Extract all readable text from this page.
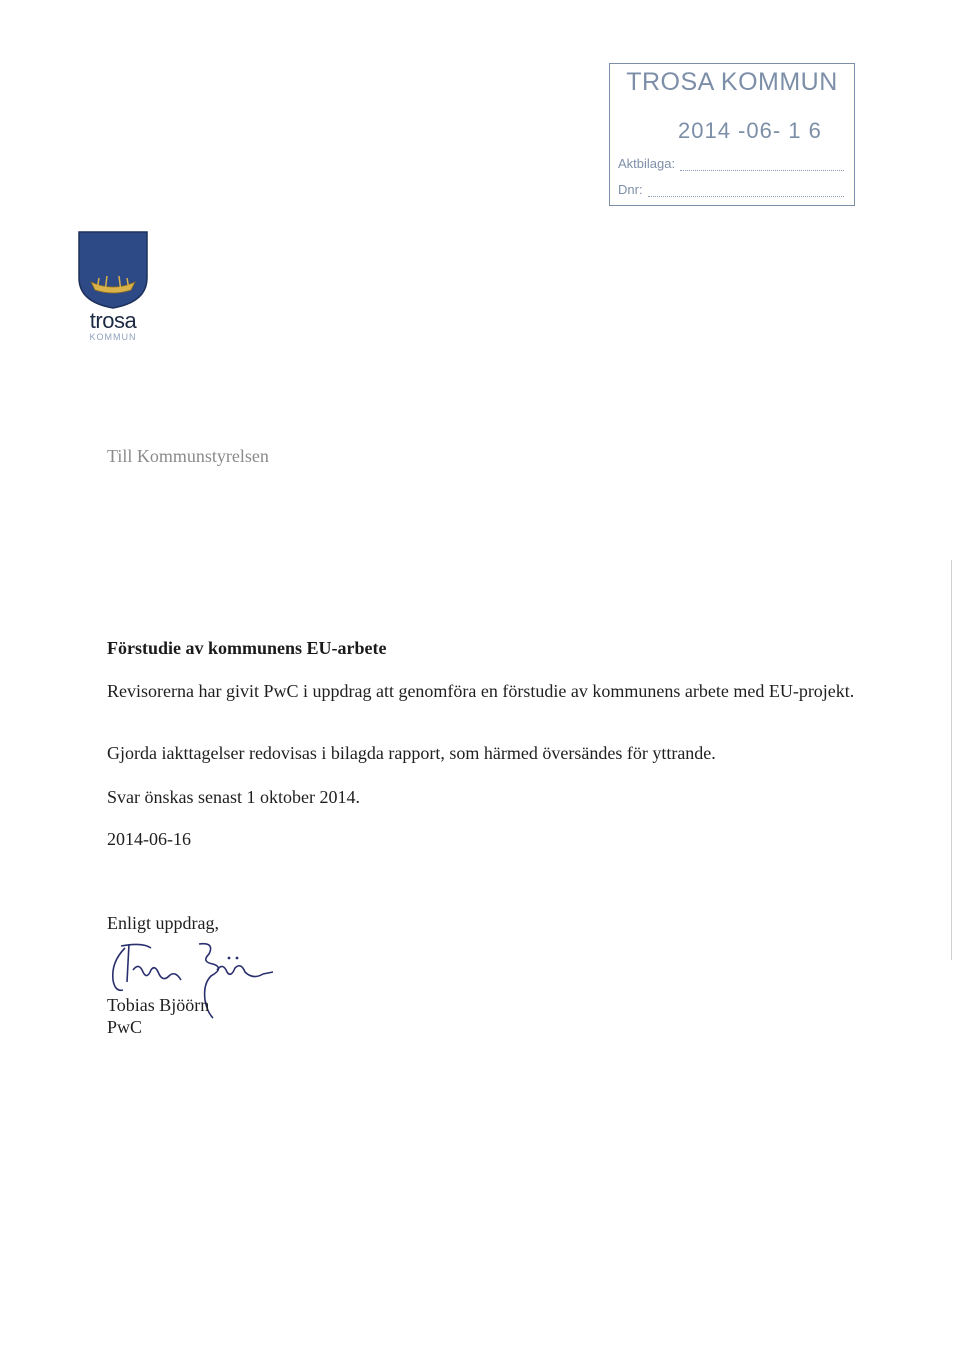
TROSA KOMMUN
2014 -06- 1 6
Aktbilaga:
Dnr:
trosa
KOMMUN
Till Kommunstyrelsen
Förstudie av kommunens EU-arbete
Revisorerna har givit PwC i uppdrag att genomföra en förstudie av kommunens arbete med EU-projekt.
Gjorda iakttagelser redovisas i bilagda rapport, som härmed översändes för yttrande.
Svar önskas senast 1 oktober 2014.
2014-06-16
Enligt uppdrag,
Tobias Bjöörn
PwC
